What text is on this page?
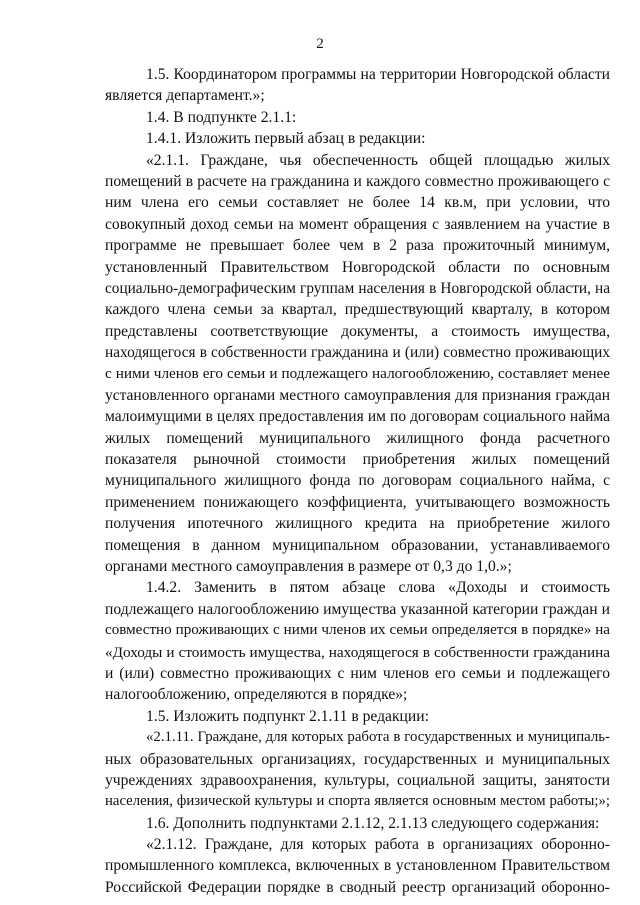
2
1.5. Координатором программы на территории Новгородской области
является департамент.»;
1.4. В подпункте 2.1.1:
1.4.1. Изложить первый абзац в редакции:
«2.1.1. Граждане, чья обеспеченность общей площадью жилых
помещений в расчете на гражданина и каждого совместно проживающего с
ним члена его семьи составляет не более 14 кв.м, при условии, что
совокупный доход семьи на момент обращения с заявлением на участие в
программе не превышает более чем в 2 раза прожиточный минимум,
установленный Правительством Новгородской области по основным
социально-демографическим группам населения в Новгородской области, на
каждого члена семьи за квартал, предшествующий кварталу, в котором
представлены соответствующие документы, а стоимость имущества,
находящегося в собственности гражданина и (или) совместно проживающих
с ними членов его семьи и подлежащего налогообложению, составляет менее
установленного органами местного самоуправления для признания граждан
малоимущими в целях предоставления им по договорам социального найма
жилых помещений муниципального жилищного фонда расчетного
показателя рыночной стоимости приобретения жилых помещений
муниципального жилищного фонда по договорам социального найма, с
применением понижающего коэффициента, учитывающего возможность
получения ипотечного жилищного кредита на приобретение жилого
помещения в данном муниципальном образовании, устанавливаемого
органами местного самоуправления в размере от 0,3 до 1,0.»;
1.4.2. Заменить в пятом абзаце слова «Доходы и стоимость
подлежащего налогообложению имущества указанной категории граждан и
совместно проживающих с ними членов их семьи определяется в порядке» на
«Доходы и стоимость имущества, находящегося в собственности гражданина
и (или) совместно проживающих с ним членов его семьи и подлежащего
налогообложению, определяются в порядке»;
1.5. Изложить подпункт 2.1.11 в редакции:
«2.1.11. Граждане, для которых работа в государственных и муниципаль-
ных образовательных организациях, государственных и муниципальных
учреждениях здравоохранения, культуры, социальной защиты, занятости
населения, физической культуры и спорта является основным местом работы;»;
1.6. Дополнить подпунктами 2.1.12, 2.1.13 следующего содержания:
«2.1.12. Граждане, для которых работа в организациях оборонно-
промышленного комплекса, включенных в установленном Правительством
Российской Федерации порядке в сводный реестр организаций оборонно-
